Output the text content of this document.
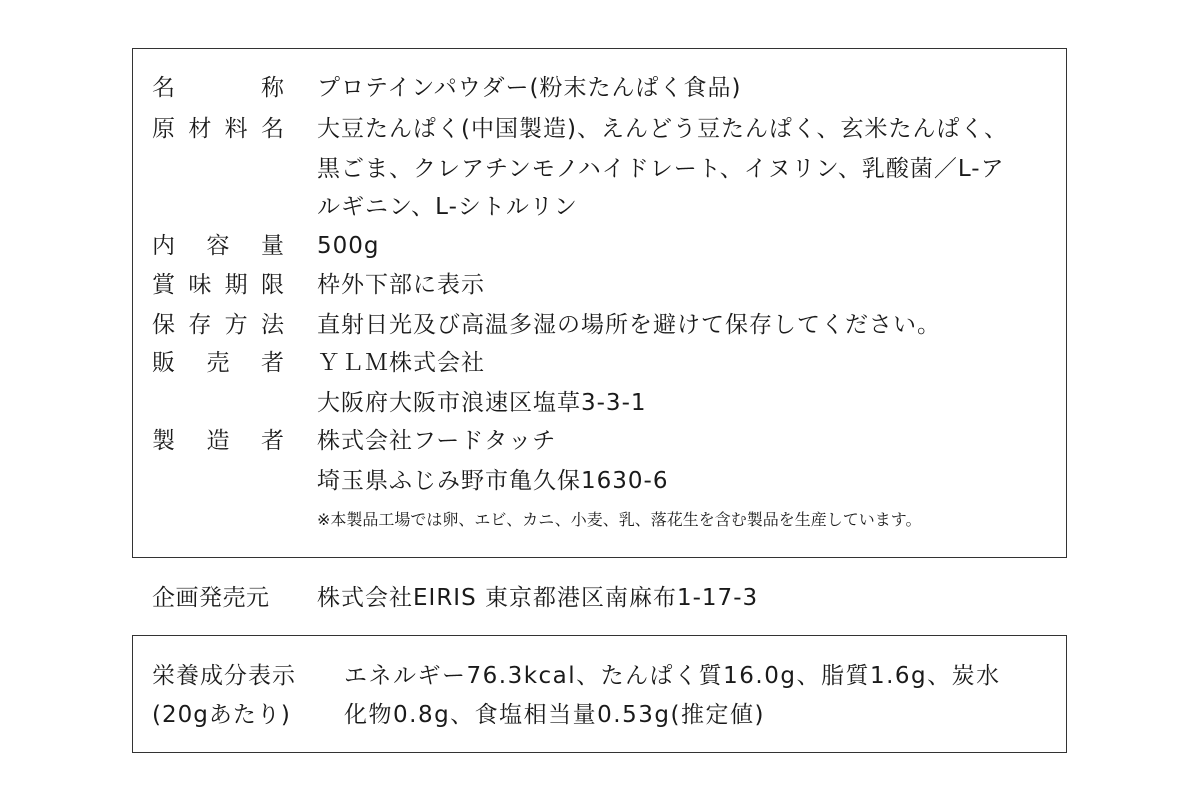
名	称 プロテインパウダー(粉末たんぱく食品)
原 材 料 名 大豆たんぱく(中国製造)、えんどう豆たんぱく、玄米たんぱく、
黒ごま、クレアチンモノハイドレート、イヌリン、乳酸菌／L-ア
ルギニン、L-シトルリン
内 容 量 500g
賞 味 期 限 枠外下部に表示
保 存 方 法 直射日光及び高温多湿の場所を避けて保存してください。
販 売 者 ＹＬＭ株式会社
大阪府大阪市浪速区塩草3-3-1
製 造 者 株式会社フードタッチ
埼玉県ふじみ野市亀久保1630-6
※本製品工場では卵、エビ、カニ、小麦、乳、落花生を含む製品を生産しています。
企画発売元 株式会社EIRIS 東京都港区南麻布1-17-3
栄養成分表示 エネルギー76.3kcal、たんぱく質16.0g、脂質1.6g、炭水
(20gあたり) 化物0.8g、食塩相当量0.53g(推定値)
